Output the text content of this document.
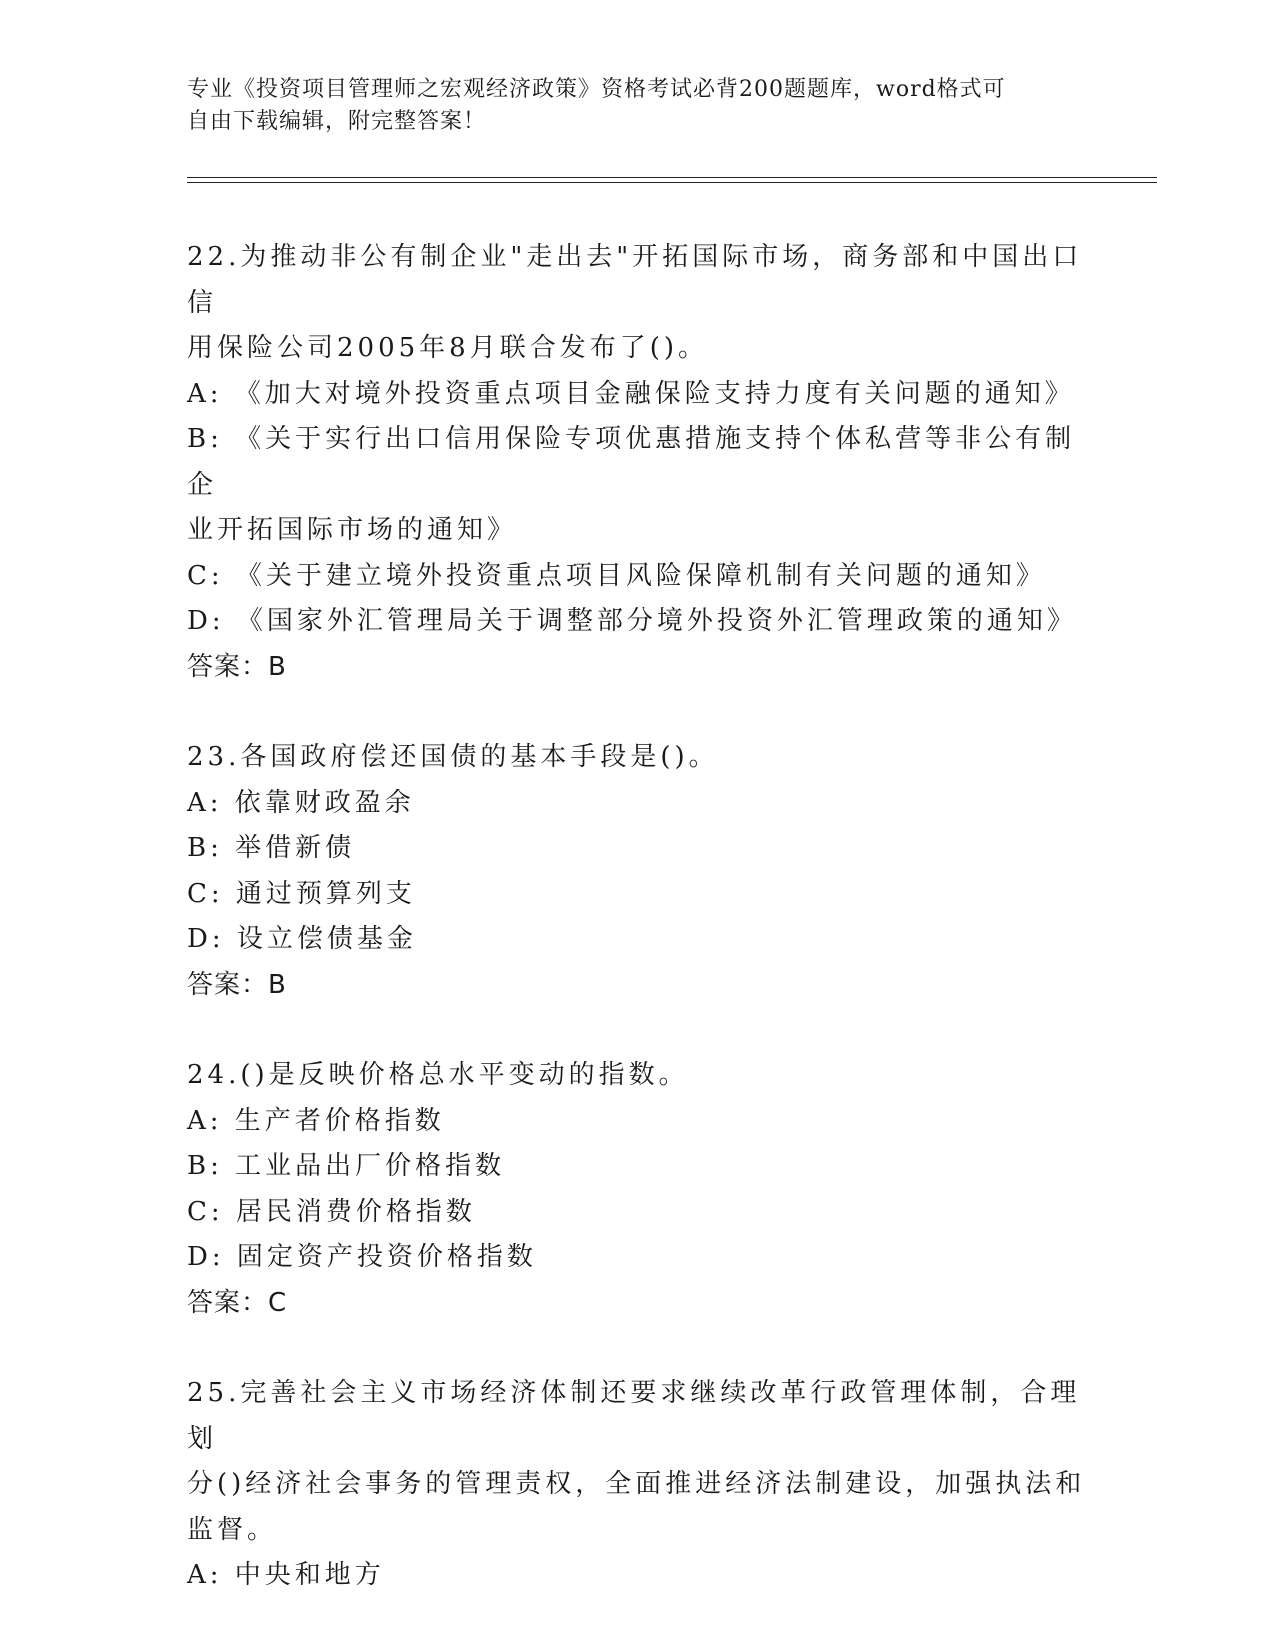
专业《投资项目管理师之宏观经济政策》资格考试必背200题题库，word格式可
自由下载编辑，附完整答案！

22.为推动非公有制企业"走出去"开拓国际市场，商务部和中国出口信

用保险公司2005年8月联合发布了()。

A: 《加大对境外投资重点项目金融保险支持力度有关问题的通知》

B: 《关于实行出口信用保险专项优惠措施支持个体私营等非公有制企

业开拓国际市场的通知》

C: 《关于建立境外投资重点项目风险保障机制有关问题的通知》

D: 《国家外汇管理局关于调整部分境外投资外汇管理政策的通知》

答案：B

23.各国政府偿还国债的基本手段是()。

A: 依靠财政盈余

B: 举借新债

C: 通过预算列支

D: 设立偿债基金

答案：B

24.()是反映价格总水平变动的指数。

A: 生产者价格指数

B: 工业品出厂价格指数

C: 居民消费价格指数

D: 固定资产投资价格指数

答案：C

25.完善社会主义市场经济体制还要求继续改革行政管理体制，合理划

分()经济社会事务的管理责权，全面推进经济法制建设，加强执法和

监督。

A: 中央和地方
